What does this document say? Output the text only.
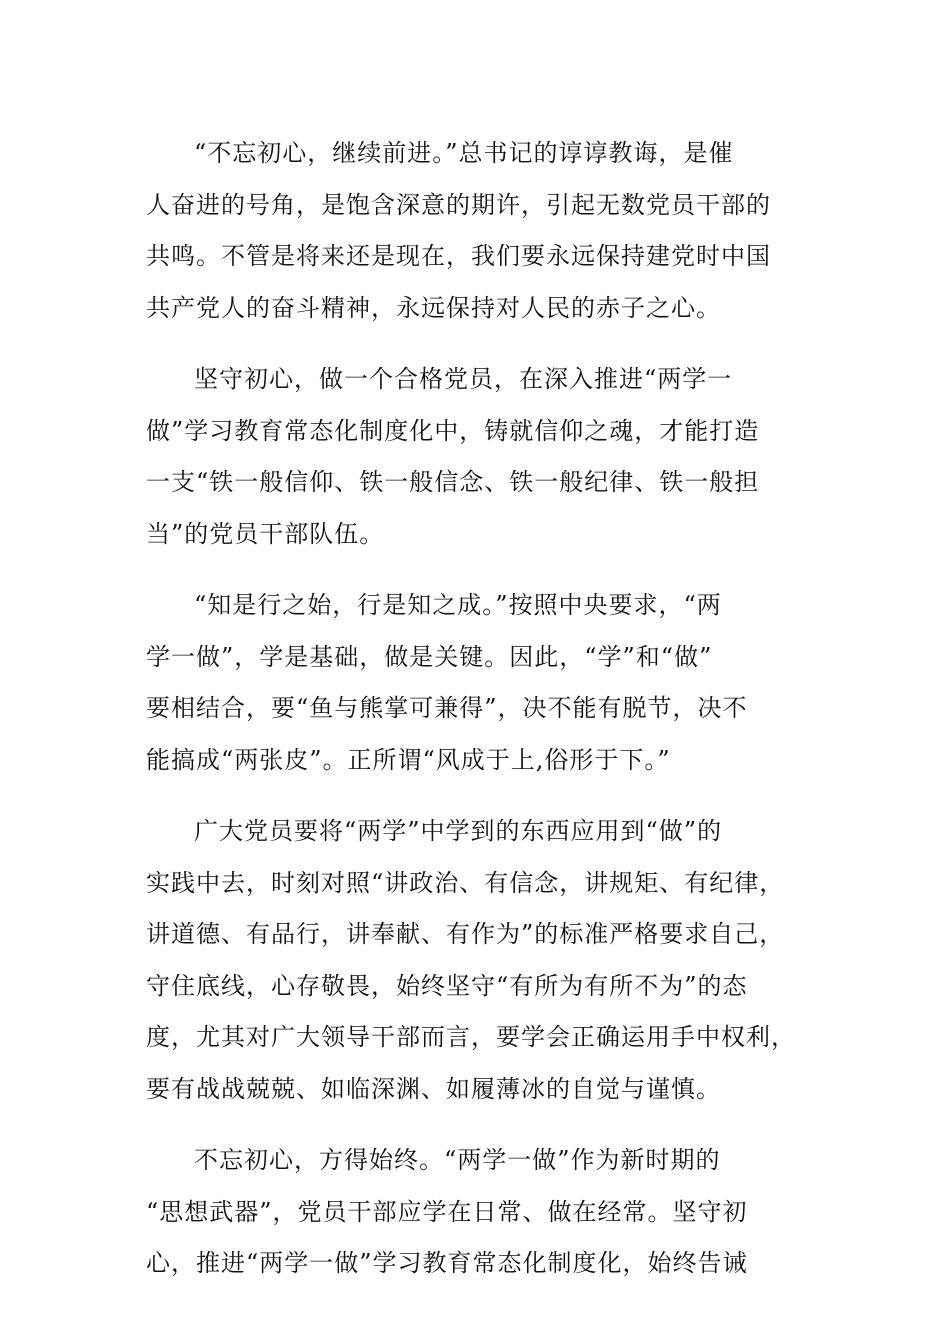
“不忘初心，继续前进。”总书记的谆谆教诲，是催
人奋进的号角，是饱含深意的期许，引起无数党员干部的
共鸣。不管是将来还是现在，我们要永远保持建党时中国
共产党人的奋斗精神，永远保持对人民的赤子之心。
坚守初心，做一个合格党员，在深入推进“两学一
做”学习教育常态化制度化中，铸就信仰之魂，才能打造
一支“铁一般信仰、铁一般信念、铁一般纪律、铁一般担
当”的党员干部队伍。
“知是行之始，行是知之成。”按照中央要求，“两
学一做”，学是基础，做是关键。因此，“学”和“做”
要相结合，要“鱼与熊掌可兼得”，决不能有脱节，决不
能搞成“两张皮”。正所谓“风成于上,俗形于下。”
广大党员要将“两学”中学到的东西应用到“做”的
实践中去，时刻对照“讲政治、有信念，讲规矩、有纪律，
讲道德、有品行，讲奉献、有作为”的标准严格要求自己，
守住底线，心存敬畏，始终坚守“有所为有所不为”的态
度，尤其对广大领导干部而言，要学会正确运用手中权利，
要有战战兢兢、如临深渊、如履薄冰的自觉与谨慎。
不忘初心，方得始终。“两学一做”作为新时期的
“思想武器”，党员干部应学在日常、做在经常。坚守初
心，推进“两学一做”学习教育常态化制度化，始终告诫
